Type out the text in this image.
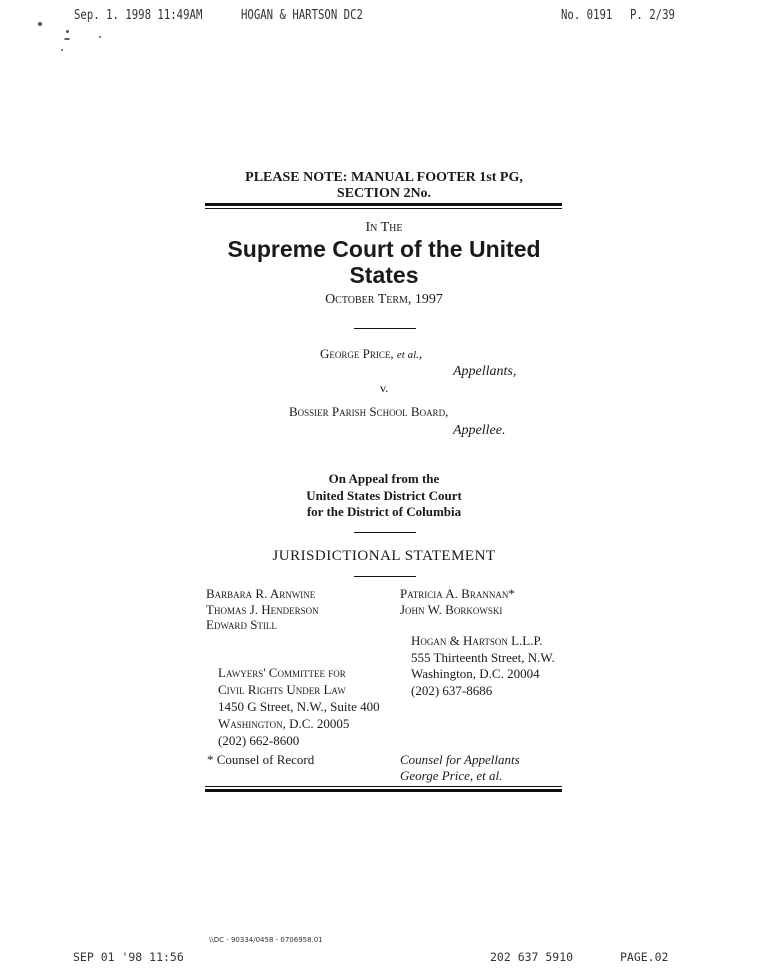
Sep. 1. 1998 11:49AM	HOGAN & HARTSON DC2	No. 0191 P. 2/39
PLEASE NOTE: MANUAL FOOTER 1st PG,
SECTION 2No.
In The
Supreme Court of the United
States
October Term, 1997
George Price, et al.,
Appellants,
v.
Bossier Parish School Board,
Appellee.
On Appeal from the
United States District Court
for the District of Columbia
JURISDICTIONAL STATEMENT
Barbara R. Arnwine
Thomas J. Henderson
Edward Still
Lawyers' Committee for
Civil Rights Under Law
1450 G Street, N.W., Suite 400
Washington, D.C. 20005
(202) 662-8600
* Counsel of Record
Patricia A. Brannan*
John W. Borkowski
Hogan & Hartson L.L.P.
555 Thirteenth Street, N.W.
Washington, D.C. 20004
(202) 637-8686
Counsel for Appellants
George Price, et al.
\\DC - 90334/0458 - 0706958.01
SEP 01 '98 11:56	202 637 5910	PAGE.02
